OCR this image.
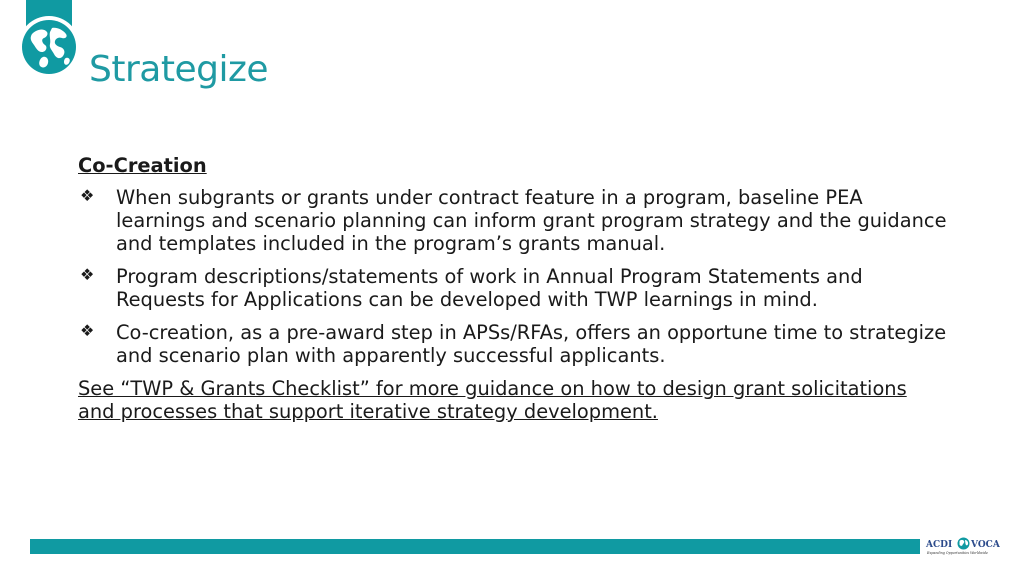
Strategize
Co-Creation
❖ When subgrants or grants under contract feature in a program, baseline PEA learnings and scenario planning can inform grant program strategy and the guidance and templates included in the program’s grants manual.
❖ Program descriptions/statements of work in Annual Program Statements and Requests for Applications can be developed with TWP learnings in mind.
❖ Co-creation, as a pre-award step in APSs/RFAs, offers an opportune time to strategize and scenario plan with apparently successful applicants.
See “TWP & Grants Checklist” for more guidance on how to design grant solicitations and processes that support iterative strategy development.
ACDI VOCA
Expanding Opportunities Worldwide
